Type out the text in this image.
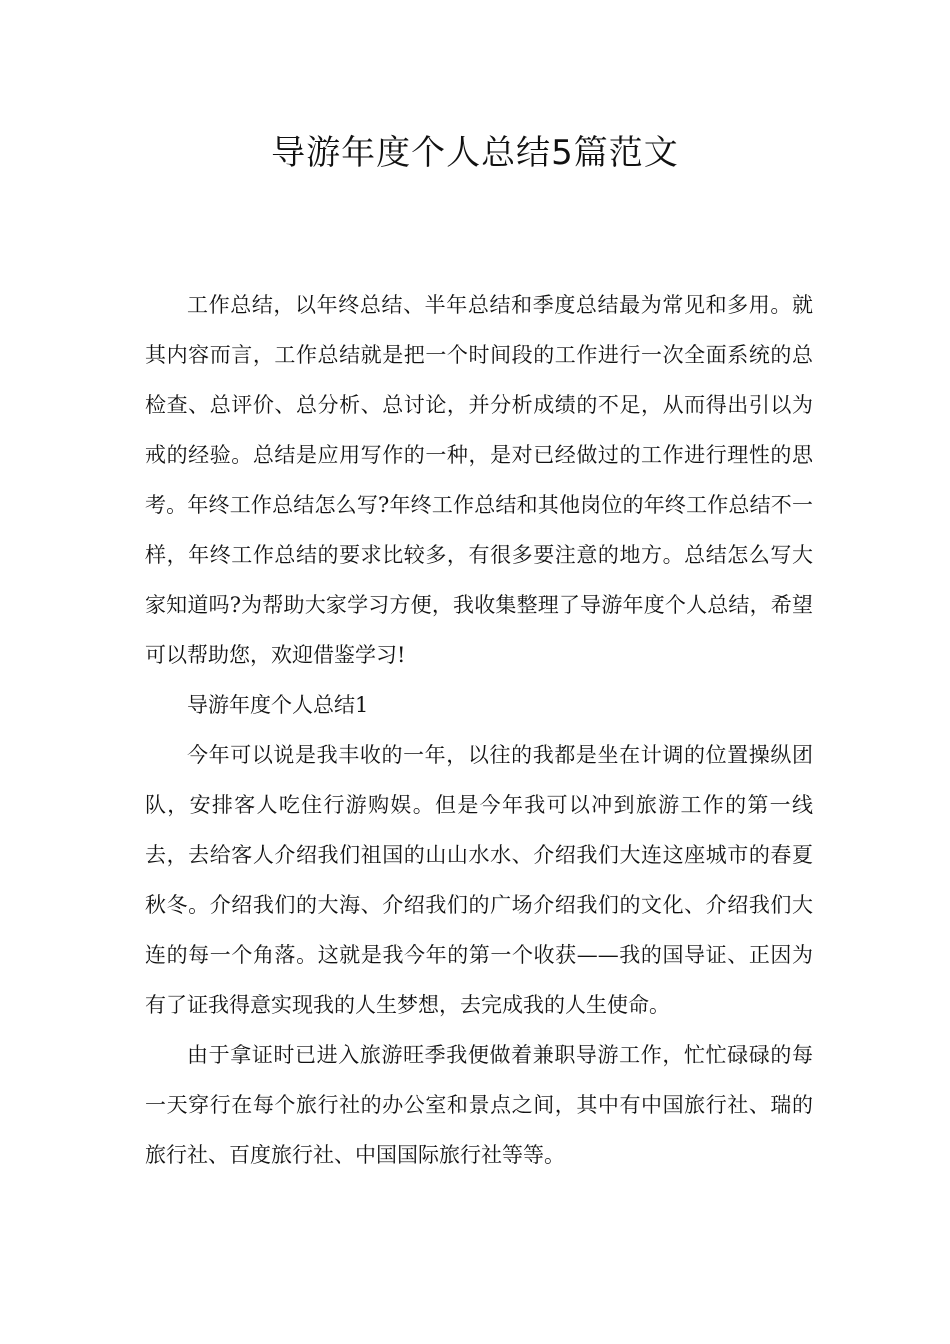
导游年度个人总结5篇范文

工作总结，以年终总结、半年总结和季度总结最为常见和多用。就其内容而言，工作总结就是把一个时间段的工作进行一次全面系统的总检查、总评价、总分析、总讨论，并分析成绩的不足，从而得出引以为戒的经验。总结是应用写作的一种，是对已经做过的工作进行理性的思考。年终工作总结怎么写?年终工作总结和其他岗位的年终工作总结不一样，年终工作总结的要求比较多，有很多要注意的地方。总结怎么写大家知道吗?为帮助大家学习方便，我收集整理了导游年度个人总结，希望可以帮助您，欢迎借鉴学习!

导游年度个人总结1

今年可以说是我丰收的一年，以往的我都是坐在计调的位置操纵团队，安排客人吃住行游购娱。但是今年我可以冲到旅游工作的第一线去，去给客人介绍我们祖国的山山水水、介绍我们大连这座城市的春夏秋冬。介绍我们的大海、介绍我们的广场介绍我们的文化、介绍我们大连的每一个角落。这就是我今年的第一个收获——我的国导证、正因为有了证我得意实现我的人生梦想，去完成我的人生使命。

由于拿证时已进入旅游旺季我便做着兼职导游工作，忙忙碌碌的每一天穿行在每个旅行社的办公室和景点之间，其中有中国旅行社、瑞的旅行社、百度旅行社、中国国际旅行社等等。
